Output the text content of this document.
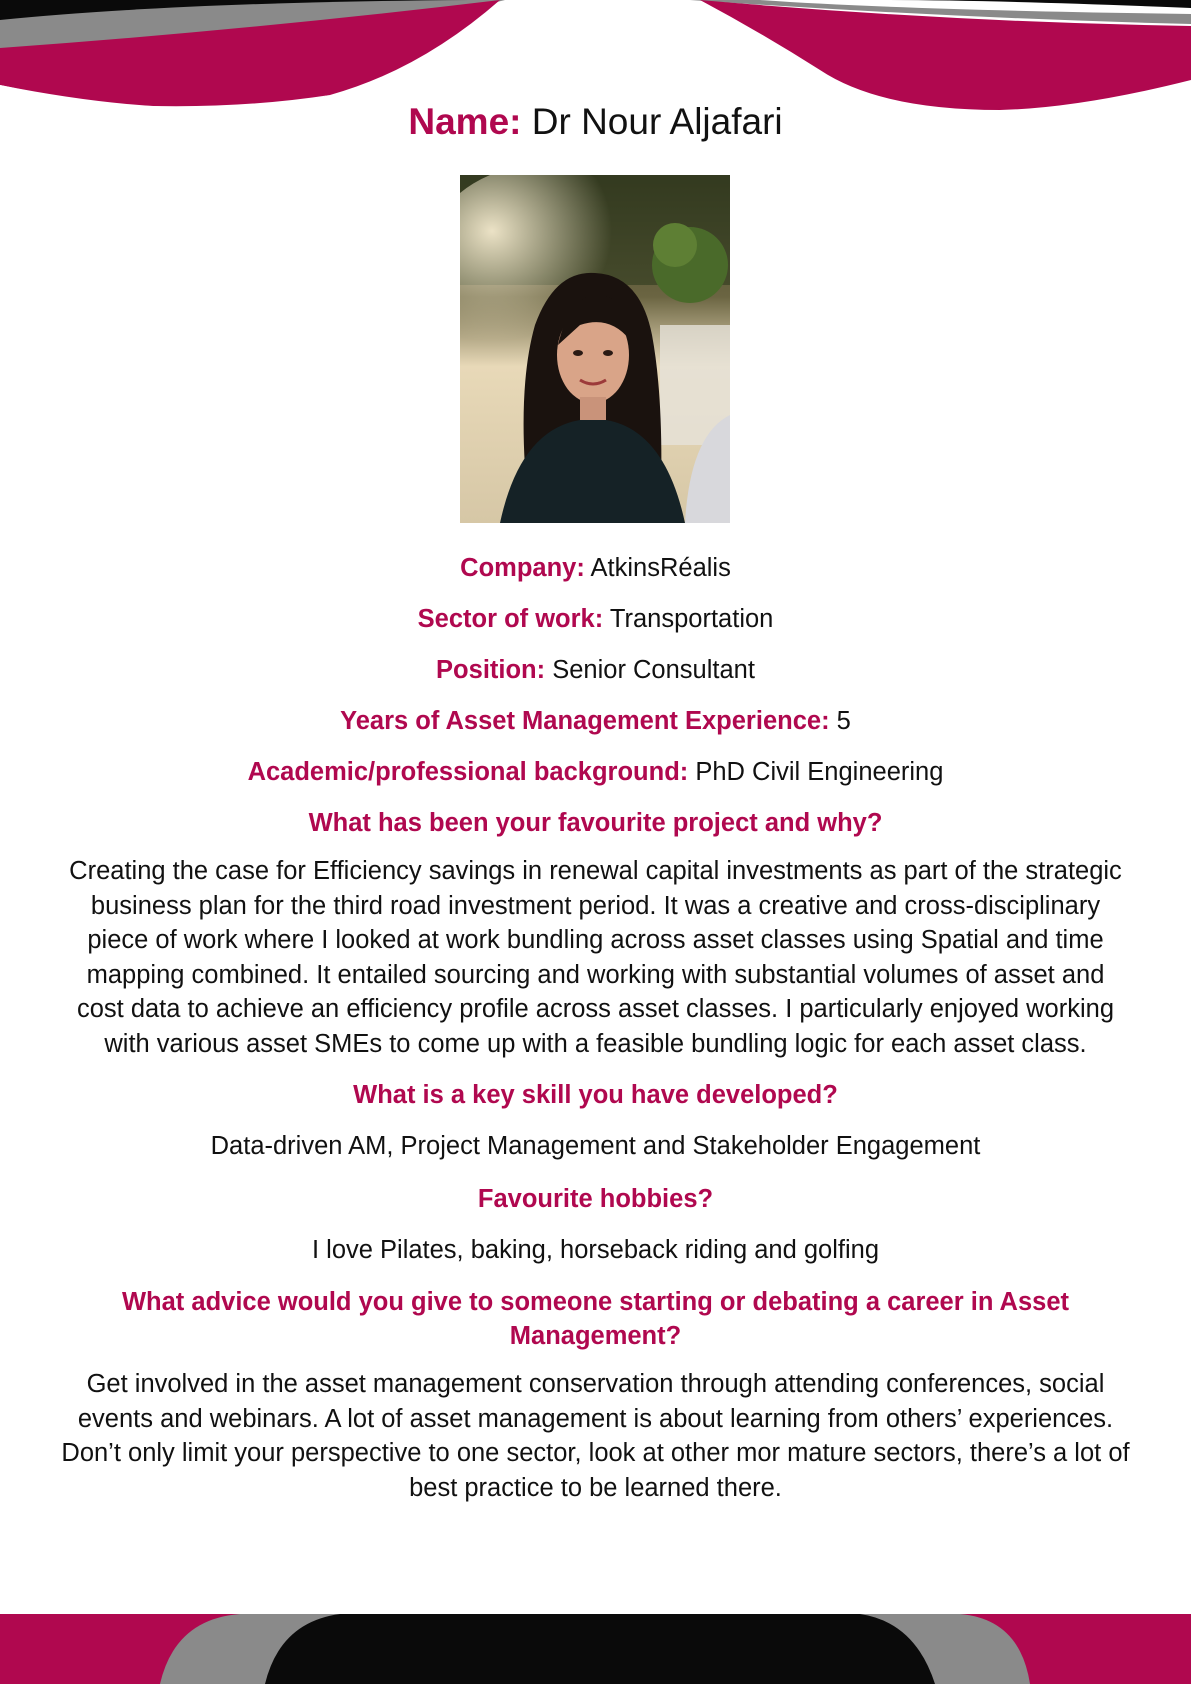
Name: Dr Nour Aljafari

Company: AtkinsRéalis

Sector of work: Transportation

Position: Senior Consultant

Years of Asset Management Experience: 5

Academic/professional background: PhD Civil Engineering

What has been your favourite project and why?

Creating the case for Efficiency savings in renewal capital investments as part of the strategic business plan for the third road investment period. It was a creative and cross-disciplinary piece of work where I looked at work bundling across asset classes using Spatial and time mapping combined. It entailed sourcing and working with substantial volumes of asset and cost data to achieve an efficiency profile across asset classes. I particularly enjoyed working with various asset SMEs to come up with a feasible bundling logic for each asset class.

What is a key skill you have developed?

Data-driven AM, Project Management and Stakeholder Engagement

Favourite hobbies?

I love Pilates, baking, horseback riding and golfing

What advice would you give to someone starting or debating a career in Asset Management?

Get involved in the asset management conservation through attending conferences, social events and webinars. A lot of asset management is about learning from others’ experiences. Don’t only limit your perspective to one sector, look at other mor mature sectors, there’s a lot of best practice to be learned there.
